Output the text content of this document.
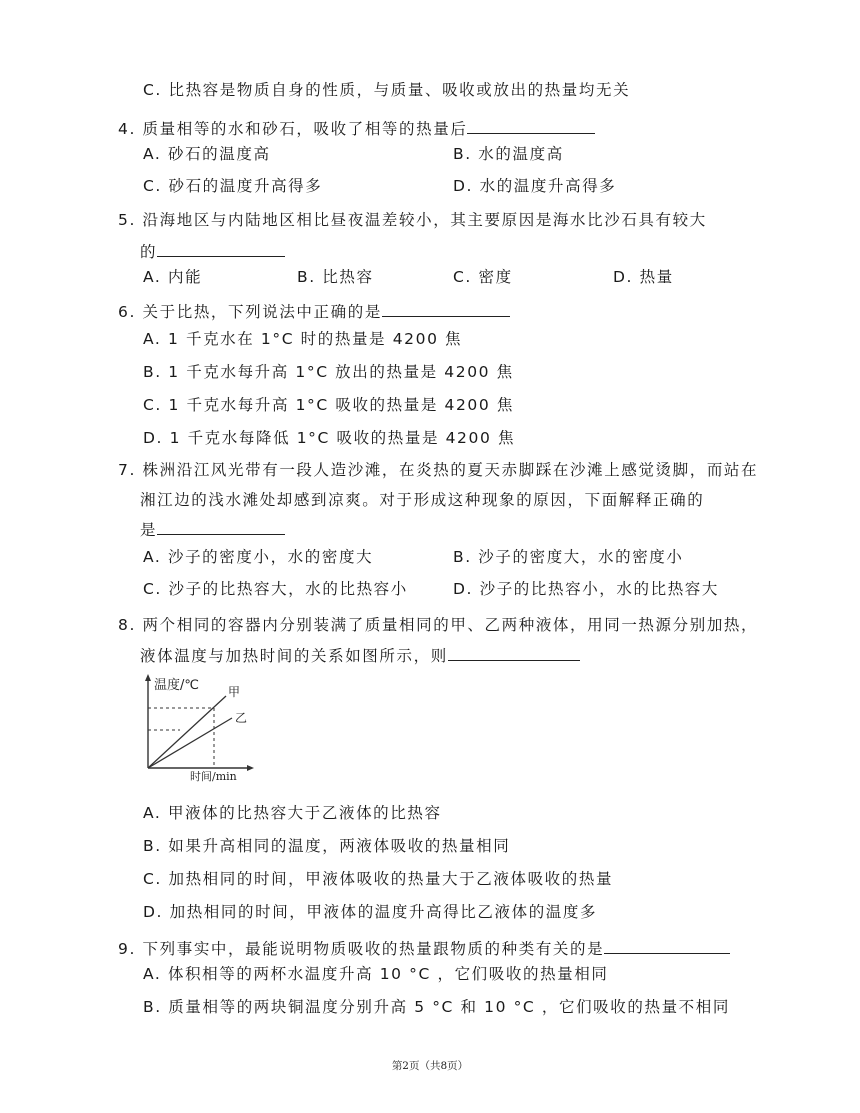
C. 比热容是物质自身的性质，与质量、吸收或放出的热量均无关
4. 质量相等的水和砂石，吸收了相等的热量后
A. 砂石的温度高	B. 水的温度高
C. 砂石的温度升高得多	D. 水的温度升高得多
5. 沿海地区与内陆地区相比昼夜温差较小，其主要原因是海水比沙石具有较大
的
A. 内能	B. 比热容	C. 密度	D. 热量
6. 关于比热，下列说法中正确的是
A. 1 千克水在 1°C 时的热量是 4200 焦
B. 1 千克水每升高 1°C 放出的热量是 4200 焦
C. 1 千克水每升高 1°C 吸收的热量是 4200 焦
D. 1 千克水每降低 1°C 吸收的热量是 4200 焦
7. 株洲沿江风光带有一段人造沙滩，在炎热的夏天赤脚踩在沙滩上感觉烫脚，而站在
湘江边的浅水滩处却感到凉爽。对于形成这种现象的原因，下面解释正确的
是
A. 沙子的密度小，水的密度大	B. 沙子的密度大，水的密度小
C. 沙子的比热容大，水的比热容小	D. 沙子的比热容小，水的比热容大
8. 两个相同的容器内分别装满了质量相同的甲、乙两种液体，用同一热源分别加热，
液体温度与加热时间的关系如图所示，则
温度/℃ 甲
乙
时间/min
A. 甲液体的比热容大于乙液体的比热容
B. 如果升高相同的温度，两液体吸收的热量相同
C. 加热相同的时间，甲液体吸收的热量大于乙液体吸收的热量
D. 加热相同的时间，甲液体的温度升高得比乙液体的温度多
9. 下列事实中，最能说明物质吸收的热量跟物质的种类有关的是
A. 体积相等的两杯水温度升高 10 °C ，它们吸收的热量相同
B. 质量相等的两块铜温度分别升高 5 °C 和 10 °C ，它们吸收的热量不相同
第2页（共8页）
